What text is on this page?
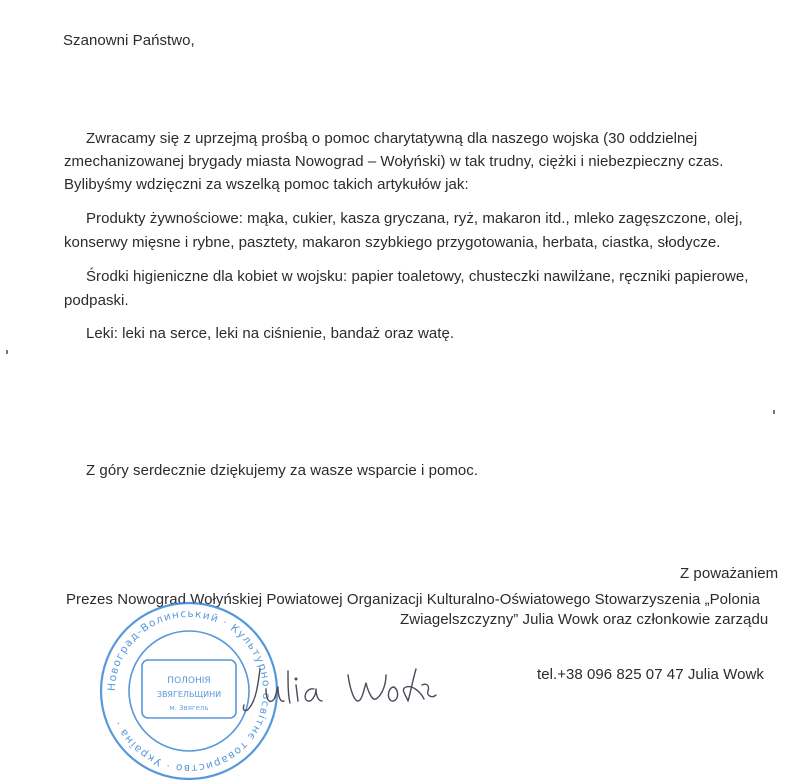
Szanowni Państwo,
Zwracamy się z uprzejmą prośbą o pomoc charytatywną dla naszego wojska (30 oddzielnej
zmechanizowanej brygady miasta Nowograd – Wołyński) w tak trudny, ciężki i niebezpieczny czas.
Bylibyśmy wdzięczni za wszelką pomoc takich artykułów jak:
Produkty żywnościowe: mąka, cukier, kasza gryczana, ryż, makaron itd., mleko zagęszczone, olej,
konserwy mięsne i rybne, pasztety, makaron szybkiego przygotowania, herbata, ciastka, słodycze.
Środki higieniczne dla kobiet w wojsku: papier toaletowy, chusteczki nawilżane, ręczniki papierowe,
podpaski.
Leki: leki na serce, leki na ciśnienie, bandaż oraz watę.
Z góry serdecznie dziękujemy za wasze wsparcie i pomoc.
Z poważaniem
Prezes Nowograd Wołyńskiej Powiatowej Organizacji Kulturalno-Oświatowego Stowarzyszenia „Polonia
Zwiagelszczyzny” Julia Wowk oraz członkowie zarządu
tel.+38 096 825 07 47 Julia Wowk
Новоград-Волинський · Культурно-освітнє товариство · Україна ·
ПОЛОНІЯ
ЗВЯГЕЛЬЩИНИ
м. Звягель
